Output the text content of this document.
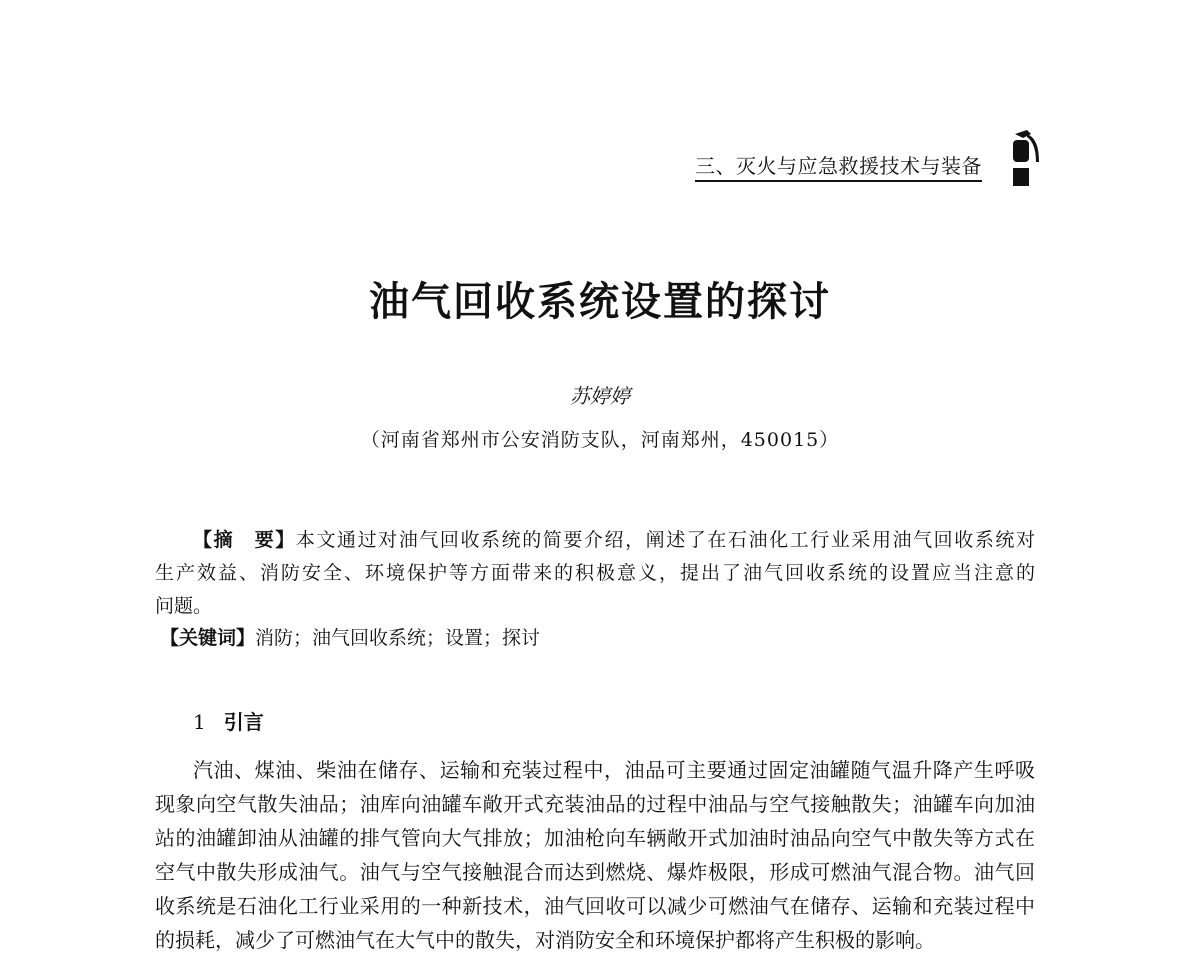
三、灭火与应急救援技术与装备
油气回收系统设置的探讨
苏婷婷
（河南省郑州市公安消防支队，河南郑州，450015）
【摘　要】本文通过对油气回收系统的简要介绍，阐述了在石油化工行业采用油气回收系统对
生产效益、消防安全、环境保护等方面带来的积极意义，提出了油气回收系统的设置应当注意的
问题。
【关键词】消防；油气回收系统；设置；探讨
1 引言
汽油、煤油、柴油在储存、运输和充装过程中，油品可主要通过固定油罐随气温升降产生呼吸
现象向空气散失油品；油库向油罐车敞开式充装油品的过程中油品与空气接触散失；油罐车向加油
站的油罐卸油从油罐的排气管向大气排放；加油枪向车辆敞开式加油时油品向空气中散失等方式在
空气中散失形成油气。油气与空气接触混合而达到燃烧、爆炸极限，形成可燃油气混合物。油气回
收系统是石油化工行业采用的一种新技术，油气回收可以减少可燃油气在储存、运输和充装过程中
的损耗，减少了可燃油气在大气中的散失，对消防安全和环境保护都将产生积极的影响。
